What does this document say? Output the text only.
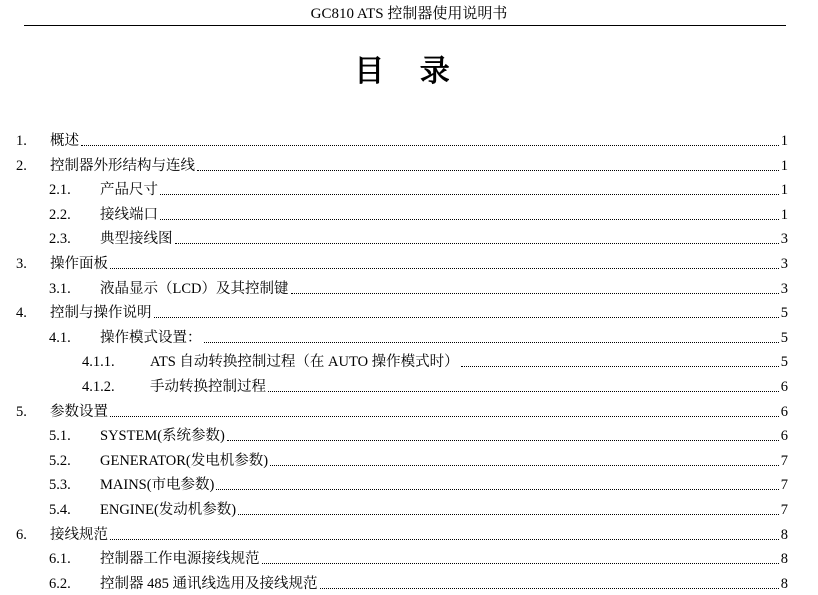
GC810 ATS 控制器使用说明书
目 录
1.	概述	1
2.	控制器外形结构与连线	1
2.1.	产品尺寸	1
2.2.	接线端口	1
2.3.	典型接线图	3
3.	操作面板	3
3.1.	液晶显示（LCD）及其控制键	3
4.	控制与操作说明	5
4.1.	操作模式设置：	5
4.1.1.	ATS 自动转换控制过程（在 AUTO 操作模式时）	5
4.1.2.	手动转换控制过程	6
5.	参数设置	6
5.1.	SYSTEM(系统参数)	6
5.2.	GENERATOR(发电机参数)	7
5.3.	MAINS(市电参数)	7
5.4.	ENGINE(发动机参数)	7
6.	接线规范	8
6.1.	控制器工作电源接线规范	8
6.2.	控制器 485 通讯线选用及接线规范	8
